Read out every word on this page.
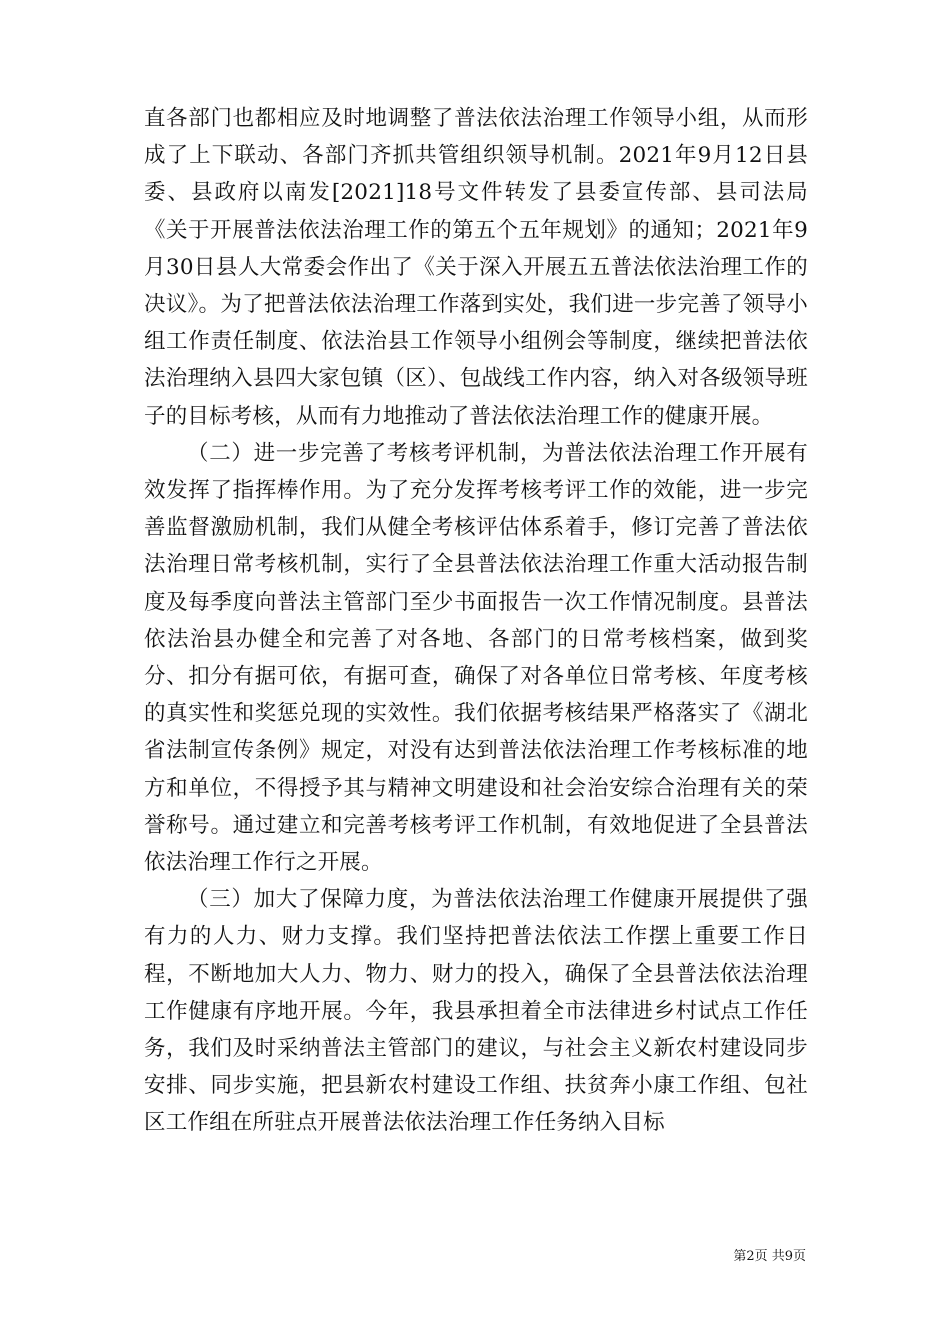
直各部门也都相应及时地调整了普法依法治理工作领导小组，从而形成了上下联动、各部门齐抓共管组织领导机制。2021年9月12日县委、县政府以南发[2021]18号文件转发了县委宣传部、县司法局《关于开展普法依法治理工作的第五个五年规划》的通知；2021年9月30日县人大常委会作出了《关于深入开展五五普法依法治理工作的决议》。为了把普法依法治理工作落到实处，我们进一步完善了领导小组工作责任制度、依法治县工作领导小组例会等制度，继续把普法依法治理纳入县四大家包镇（区）、包战线工作内容，纳入对各级领导班子的目标考核，从而有力地推动了普法依法治理工作的健康开展。

（二）进一步完善了考核考评机制，为普法依法治理工作开展有效发挥了指挥棒作用。为了充分发挥考核考评工作的效能，进一步完善监督激励机制，我们从健全考核评估体系着手，修订完善了普法依法治理日常考核机制，实行了全县普法依法治理工作重大活动报告制度及每季度向普法主管部门至少书面报告一次工作情况制度。县普法依法治县办健全和完善了对各地、各部门的日常考核档案，做到奖分、扣分有据可依，有据可查，确保了对各单位日常考核、年度考核的真实性和奖惩兑现的实效性。我们依据考核结果严格落实了《湖北省法制宣传条例》规定，对没有达到普法依法治理工作考核标准的地方和单位，不得授予其与精神文明建设和社会治安综合治理有关的荣誉称号。通过建立和完善考核考评工作机制，有效地促进了全县普法依法治理工作行之开展。

（三）加大了保障力度，为普法依法治理工作健康开展提供了强有力的人力、财力支撑。我们坚持把普法依法工作摆上重要工作日程，不断地加大人力、物力、财力的投入，确保了全县普法依法治理工作健康有序地开展。今年，我县承担着全市法律进乡村试点工作任务，我们及时采纳普法主管部门的建议，与社会主义新农村建设同步安排、同步实施，把县新农村建设工作组、扶贫奔小康工作组、包社区工作组在所驻点开展普法依法治理工作任务纳入目标

第2页 共9页
